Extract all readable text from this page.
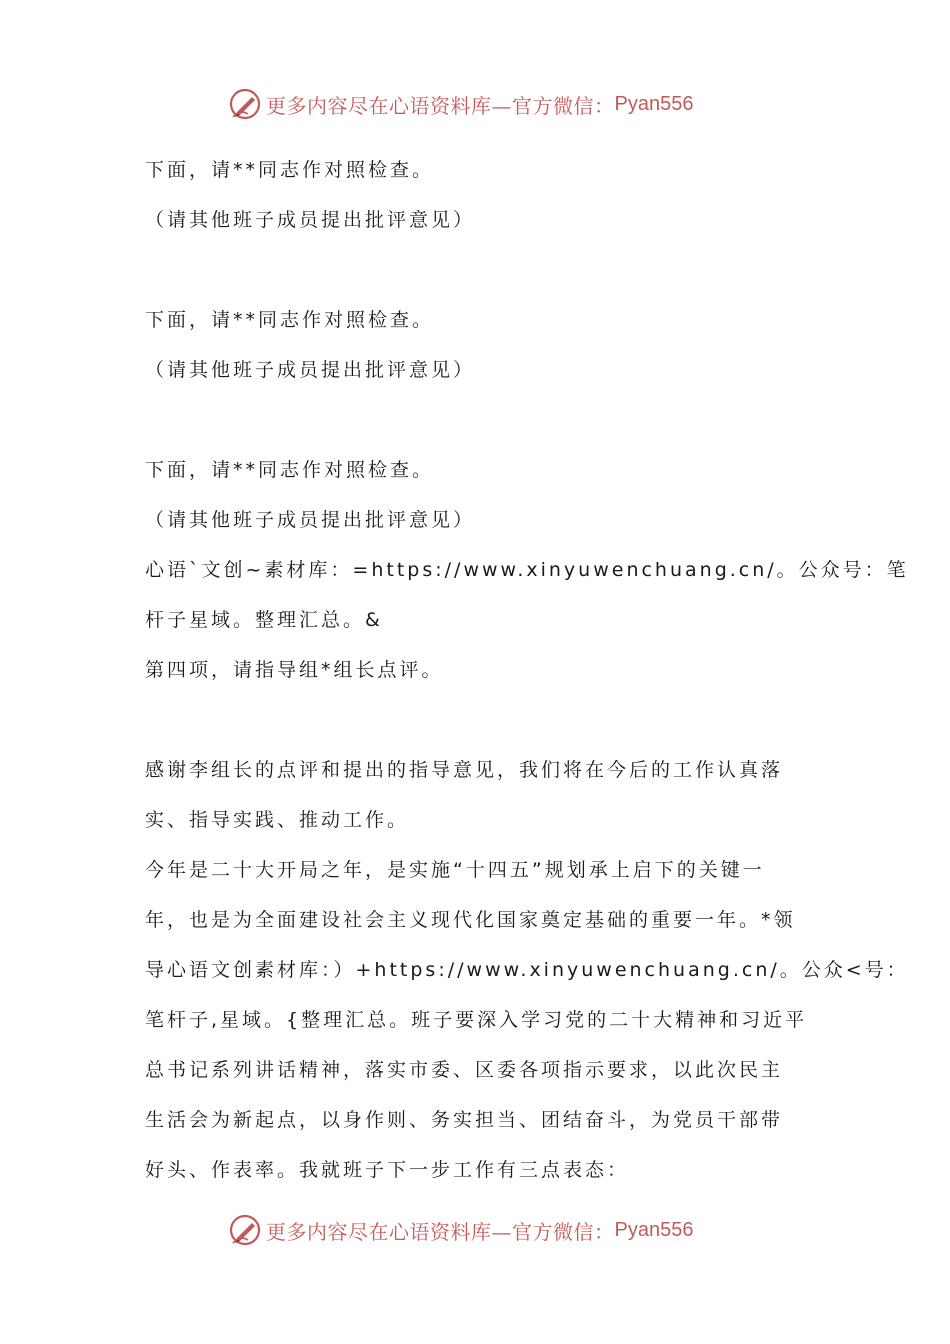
更多内容尽在心语资料库—官方微信： Pyan556
下面，请**同志作对照检查。
（请其他班子成员提出批评意见）
下面，请**同志作对照检查。
（请其他班子成员提出批评意见）
下面，请**同志作对照检查。
（请其他班子成员提出批评意见）
心语`文创~素材库：=https://www.xinyuwenchuang.cn/。公众号：笔
杆子星域。整理汇总。&
第四项，请指导组*组长点评。
感谢李组长的点评和提出的指导意见，我们将在今后的工作认真落
实、指导实践、推动工作。
今年是二十大开局之年，是实施“十四五”规划承上启下的关键一
年，也是为全面建设社会主义现代化国家奠定基础的重要一年。*领
导心语文创素材库：）+https://www.xinyuwenchuang.cn/。公众<号：
笔杆子,星域。{整理汇总。班子要深入学习党的二十大精神和习近平
总书记系列讲话精神，落实市委、区委各项指示要求，以此次民主
生活会为新起点，以身作则、务实担当、团结奋斗，为党员干部带
好头、作表率。我就班子下一步工作有三点表态：
更多内容尽在心语资料库—官方微信： Pyan556
